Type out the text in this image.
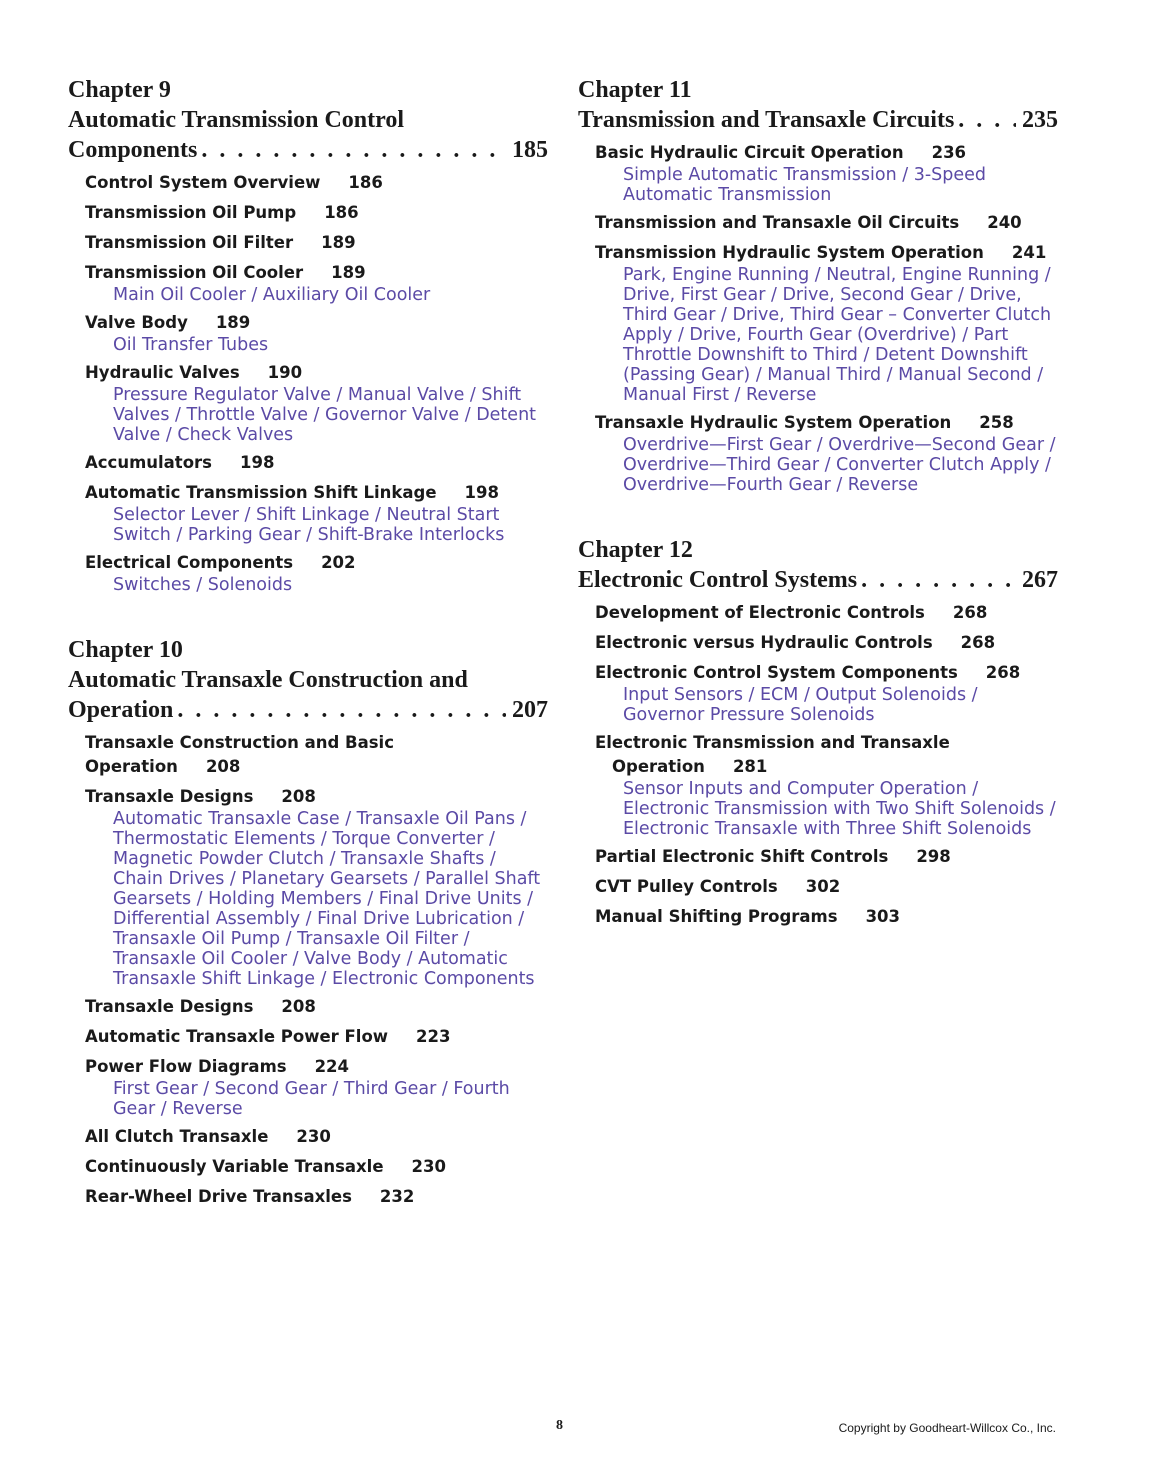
Chapter 9
Automatic Transmission Control
Components . . .	185
Control System Overview 186
Transmission Oil Pump 186
Transmission Oil Filter 189
Transmission Oil Cooler 189
Main Oil Cooler / Auxiliary Oil Cooler
Valve Body 189
Oil Transfer Tubes
Hydraulic Valves 190
Pressure Regulator Valve / Manual Valve / Shift Valves / Throttle Valve / Governor Valve / Detent Valve / Check Valves
Accumulators 198
Automatic Transmission Shift Linkage 198
Selector Lever / Shift Linkage / Neutral Start Switch / Parking Gear / Shift-Brake Interlocks
Electrical Components 202
Switches / Solenoids
Chapter 10
Automatic Transaxle Construction and
Operation . . .	207
Transaxle Construction and Basic Operation 208
Transaxle Designs 208
Automatic Transaxle Case / Transaxle Oil Pans / Thermostatic Elements / Torque Converter / Magnetic Powder Clutch / Transaxle Shafts / Chain Drives / Planetary Gearsets / Parallel Shaft Gearsets / Holding Members / Final Drive Units / Differential Assembly / Final Drive Lubrication / Transaxle Oil Pump / Transaxle Oil Filter / Transaxle Oil Cooler / Valve Body / Automatic Transaxle Shift Linkage / Electronic Components
Transaxle Designs 208
Automatic Transaxle Power Flow 223
Power Flow Diagrams 224
First Gear / Second Gear / Third Gear / Fourth Gear / Reverse
All Clutch Transaxle 230
Continuously Variable Transaxle 230
Rear-Wheel Drive Transaxles 232
Chapter 11
Transmission and Transaxle Circuits . . .	235
Basic Hydraulic Circuit Operation 236
Simple Automatic Transmission / 3-Speed Automatic Transmission
Transmission and Transaxle Oil Circuits 240
Transmission Hydraulic System Operation 241
Park, Engine Running / Neutral, Engine Running / Drive, First Gear / Drive, Second Gear / Drive, Third Gear / Drive, Third Gear – Converter Clutch Apply / Drive, Fourth Gear (Overdrive) / Part Throttle Downshift to Third / Detent Downshift (Passing Gear) / Manual Third / Manual Second / Manual First / Reverse
Transaxle Hydraulic System Operation 258
Overdrive—First Gear / Overdrive—Second Gear / Overdrive—Third Gear / Converter Clutch Apply / Overdrive—Fourth Gear / Reverse
Chapter 12
Electronic Control Systems . . .	267
Development of Electronic Controls 268
Electronic versus Hydraulic Controls 268
Electronic Control System Components 268
Input Sensors / ECM / Output Solenoids / Governor Pressure Solenoids
Electronic Transmission and Transaxle
Operation 281
Sensor Inputs and Computer Operation / Electronic Transmission with Two Shift Solenoids / Electronic Transaxle with Three Shift Solenoids
Partial Electronic Shift Controls 298
CVT Pulley Controls 302
Manual Shifting Programs 303
8	Copyright by Goodheart-Willcox Co., Inc.
